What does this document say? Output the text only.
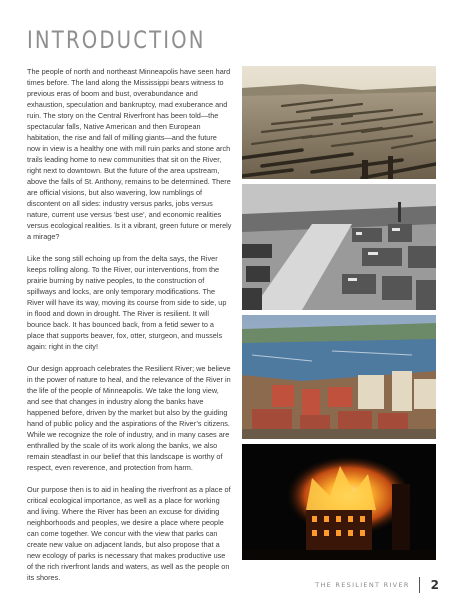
INTRODUCTION

The people of north and northeast Minneapolis have seen hard times before. The land along the Mississippi bears witness to previous eras of boom and bust, overabundance and exhaustion, speculation and bankruptcy, mad exuberance and ruin. The story on the Central Riverfront has been told—the spectacular falls, Native American and then European habitation, the rise and fall of milling giants—and the future now in view is a healthy one with mill ruin parks and stone arch trails leading home to new communities that sit on the River, right next to downtown. But the future of the area upstream, above the falls of St. Anthony, remains to be determined. There are official visions, but also wavering, low rumblings of discontent on all sides: industry versus parks, jobs versus nature, current use versus ‘best use’, and economic realities versus ecological realities. Is it a vibrant, green future or merely a mirage?

Like the song still echoing up from the delta says, the River keeps rolling along. To the River, our interventions, from the prairie burning by native peoples, to the construction of spillways and locks, are only temporary modifications. The River will have its way, moving its course from side to side, up in flood and down in drought. The River is resilient. It will bounce back. It has bounced back, from a fetid sewer to a place that supports beaver, fox, otter, sturgeon, and mussels again: right in the city!

Our design approach celebrates the Resilient River; we believe in the power of nature to heal, and the relevance of the River in the life of the people of Minneapolis. We take the long view, and see that changes in industry along the banks have happened before, driven by the market but also by the guiding hand of public policy and the aspirations of the River’s citizens. While we recognize the role of industry, and in many cases are enthralled by the scale of its work along the banks, we also remain steadfast in our belief that this landscape is worthy of respect, even reverence, and protection from harm.

Our purpose then is to aid in healing the riverfront as a place of critical ecological importance, as well as a place for working and living. Where the River has been an excuse for dividing neighborhoods and peoples, we desire a place where people can come together. We concur with the view that parks can create new value on adjacent lands, but also propose that a new ecology of parks is necessary that makes productive use of the rich riverfront lands and waters, as well as the people on its shores.

THE RESILIENT RIVER 2
